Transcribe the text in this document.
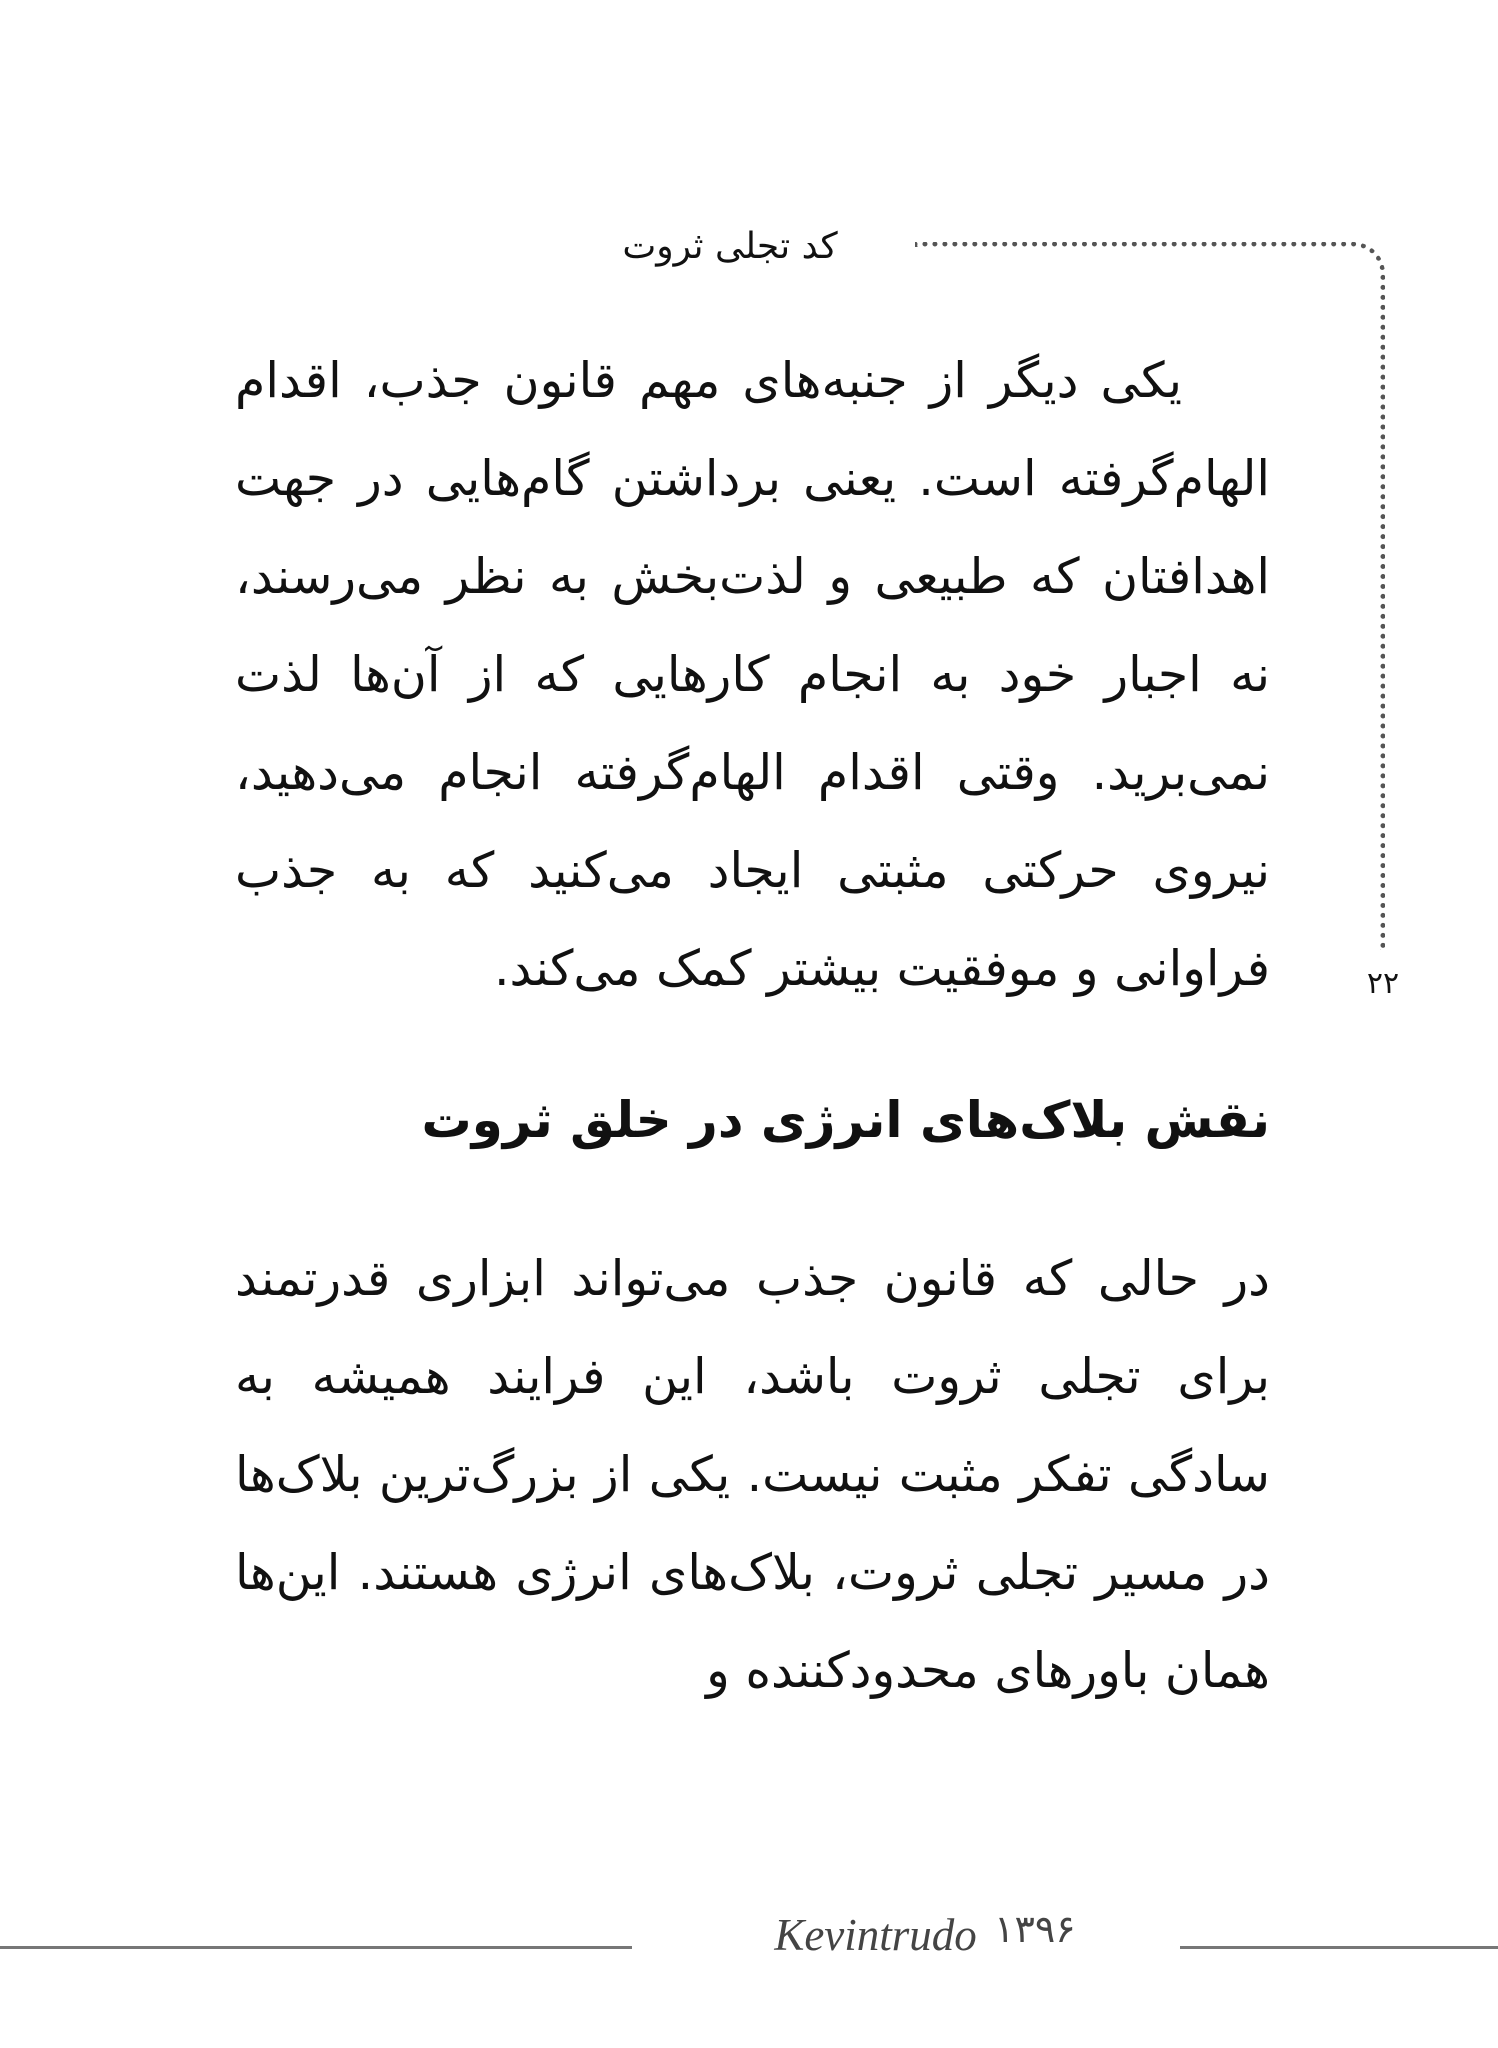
کد تجلی ثروت
۲۲

یکی دیگر از جنبه‌های مهم قانون جذب، اقدام الهام‌گرفته است. یعنی برداشتن گام‌هایی در جهت اهدافتان که طبیعی و لذت‌بخش به نظر می‌رسند، نه اجبار خود به انجام کارهایی که از آن‌ها لذت نمی‌برید. وقتی اقدام الهام‌گرفته انجام می‌دهید، نیروی حرکتی مثبتی ایجاد می‌کنید که به جذب فراوانی و موفقیت بیشتر کمک می‌کند.

نقش بلاک‌های انرژی در خلق ثروت

در حالی که قانون جذب می‌تواند ابزاری قدرتمند برای تجلی ثروت باشد، این فرایند همیشه به سادگی تفکر مثبت نیست. یکی از بزرگ‌ترین بلاک‌ها در مسیر تجلی ثروت، بلاک‌های انرژی هستند. این‌ها همان باورهای محدودکننده و

Kevintrudo ۱۳۹۶
